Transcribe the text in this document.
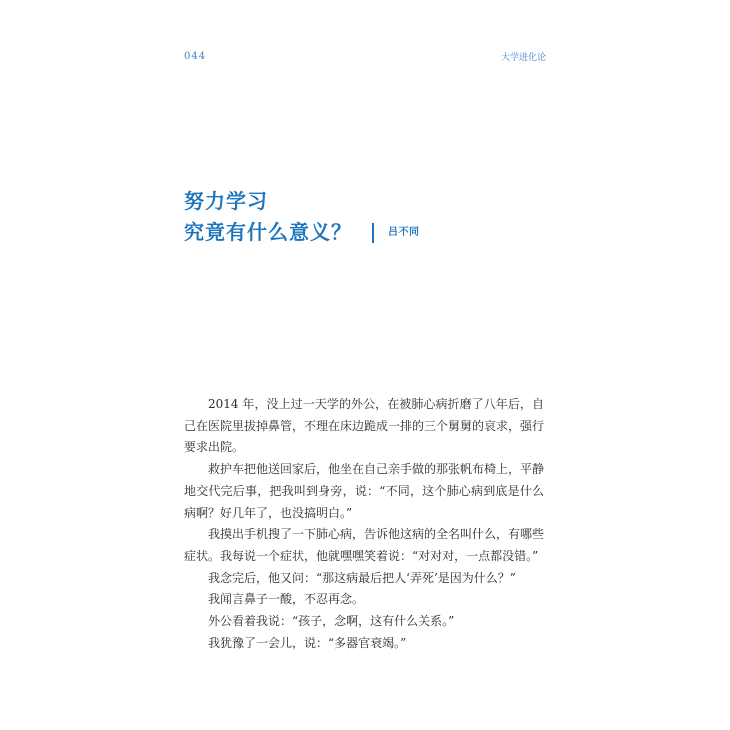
044	大学进化论
努力学习
究竟有什么意义？	吕不同

2014 年，没上过一天学的外公，在被肺心病折磨了八年后，自己在医院里拔掉鼻管，不理在床边跪成一排的三个舅舅的哀求，强行要求出院。

救护车把他送回家后，他坐在自己亲手做的那张帆布椅上，平静地交代完后事，把我叫到身旁，说：“不同，这个肺心病到底是什么病啊？好几年了，也没搞明白。”

我摸出手机搜了一下肺心病，告诉他这病的全名叫什么，有哪些症状。我每说一个症状，他就嘿嘿笑着说：“对对对，一点都没错。”

我念完后，他又问：“那这病最后把人‘弄死’是因为什么？”

我闻言鼻子一酸，不忍再念。

外公看着我说：“孩子，念啊，这有什么关系。”

我犹豫了一会儿，说：“多器官衰竭。”
